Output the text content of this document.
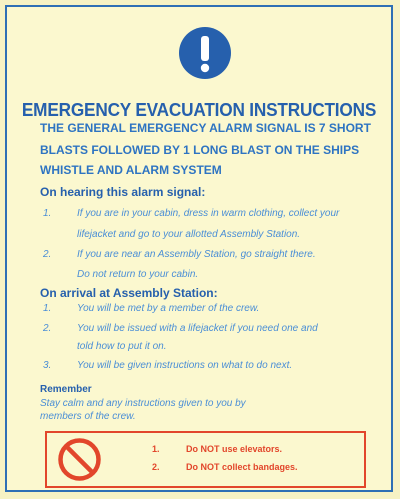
EMERGENCY EVACUATION INSTRUCTIONS
THE GENERAL EMERGENCY ALARM SIGNAL IS 7 SHORT
BLASTS FOLLOWED BY 1 LONG BLAST ON THE SHIPS
WHISTLE AND ALARM SYSTEM
On hearing this alarm signal:
1.	If you are in your cabin, dress in warm clothing, collect your
lifejacket and go to your allotted Assembly Station.
2.	If you are near an Assembly Station, go straight there.
Do not return to your cabin.
On arrival at Assembly Station:
1.	You will be met by a member of the crew.
2.	You will be issued with a lifejacket if you need one and
told how to put it on.
3.	You will be given instructions on what to do next.
Remember
Stay calm and any instructions given to you by
members of the crew.
1.	Do NOT use elevators.
2.	Do NOT collect bandages.
